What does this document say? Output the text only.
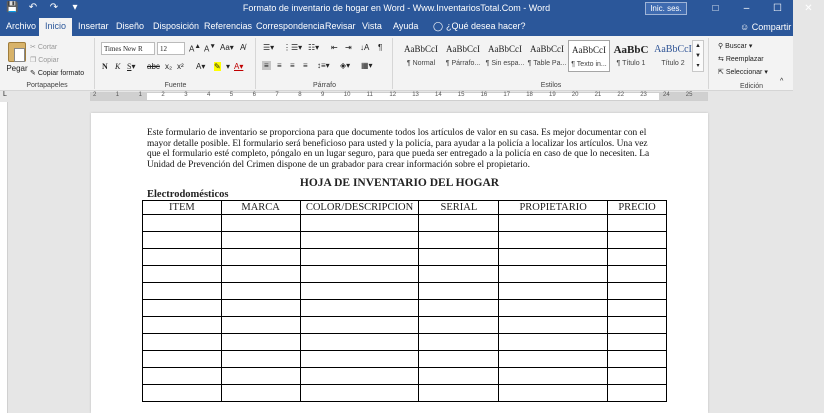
💾 ↶ ↷	▾	Formato de inventario de hogar en Word - Www.InventariosTotal.Com - Word	Inic. ses.	□	–	☐	✕
Archivo Inicio	Insertar Diseño Disposición Referencias Correspondencia Revisar Vista Ayuda ◯ ¿Qué desea hacer?	☺ Compartir
Pegar
✂ Cortar
❐ Copiar
✎ Copiar formato
Portapapeles
Times New R	12	A▲ A▼ Aa▾ A̸
N K S▾ abc x₂ x² A▾ ✎ ▾ A▾
Fuente
☰▾ ⋮☰▾ ☷▾ ⇤ ⇥ ↓A ¶
≡ ≡ ≡ ≡ ↕≡▾ ◈▾ ▦▾
Párrafo	Estilos
AaBbCcI
¶ Normal
AaBbCcI
¶ Párrafo...
AaBbCcI
¶ Sin espa...
AaBbCcI
¶ Table Pa...
AaBbCcI
¶ Texto in...
AaBbC
¶ Título 1
AaBbCcI
Título 2
▲
▼
▾
⚲ Buscar ▾
⇆ Reemplazar
⇱ Seleccionar ▾
Edición
^
L	2	1	1	2	3	4	5	6	7	8	9	10	11	12	13	14	15	16	17	18	19	20	21	22	23	24	25
Este formulario de inventario se proporciona para que documente todos los artículos de valor en su casa. Es mejor documentar con el mayor detalle posible. El formulario será beneficioso para usted y la policía, para ayudar a la policía a localizar los artículos. Una vez que el formulario esté completo, póngalo en un lugar seguro, para que pueda ser entregado a la policía en caso de que lo necesiten. La Unidad de Prevención del Crimen dispone de un grabador para crear información sobre el propietario.
HOJA DE INVENTARIO DEL HOGAR
Electrodomésticos
ITEM	MARCA	COLOR/DESCRIPCION	SERIAL	PROPIETARIO	PRECIO
